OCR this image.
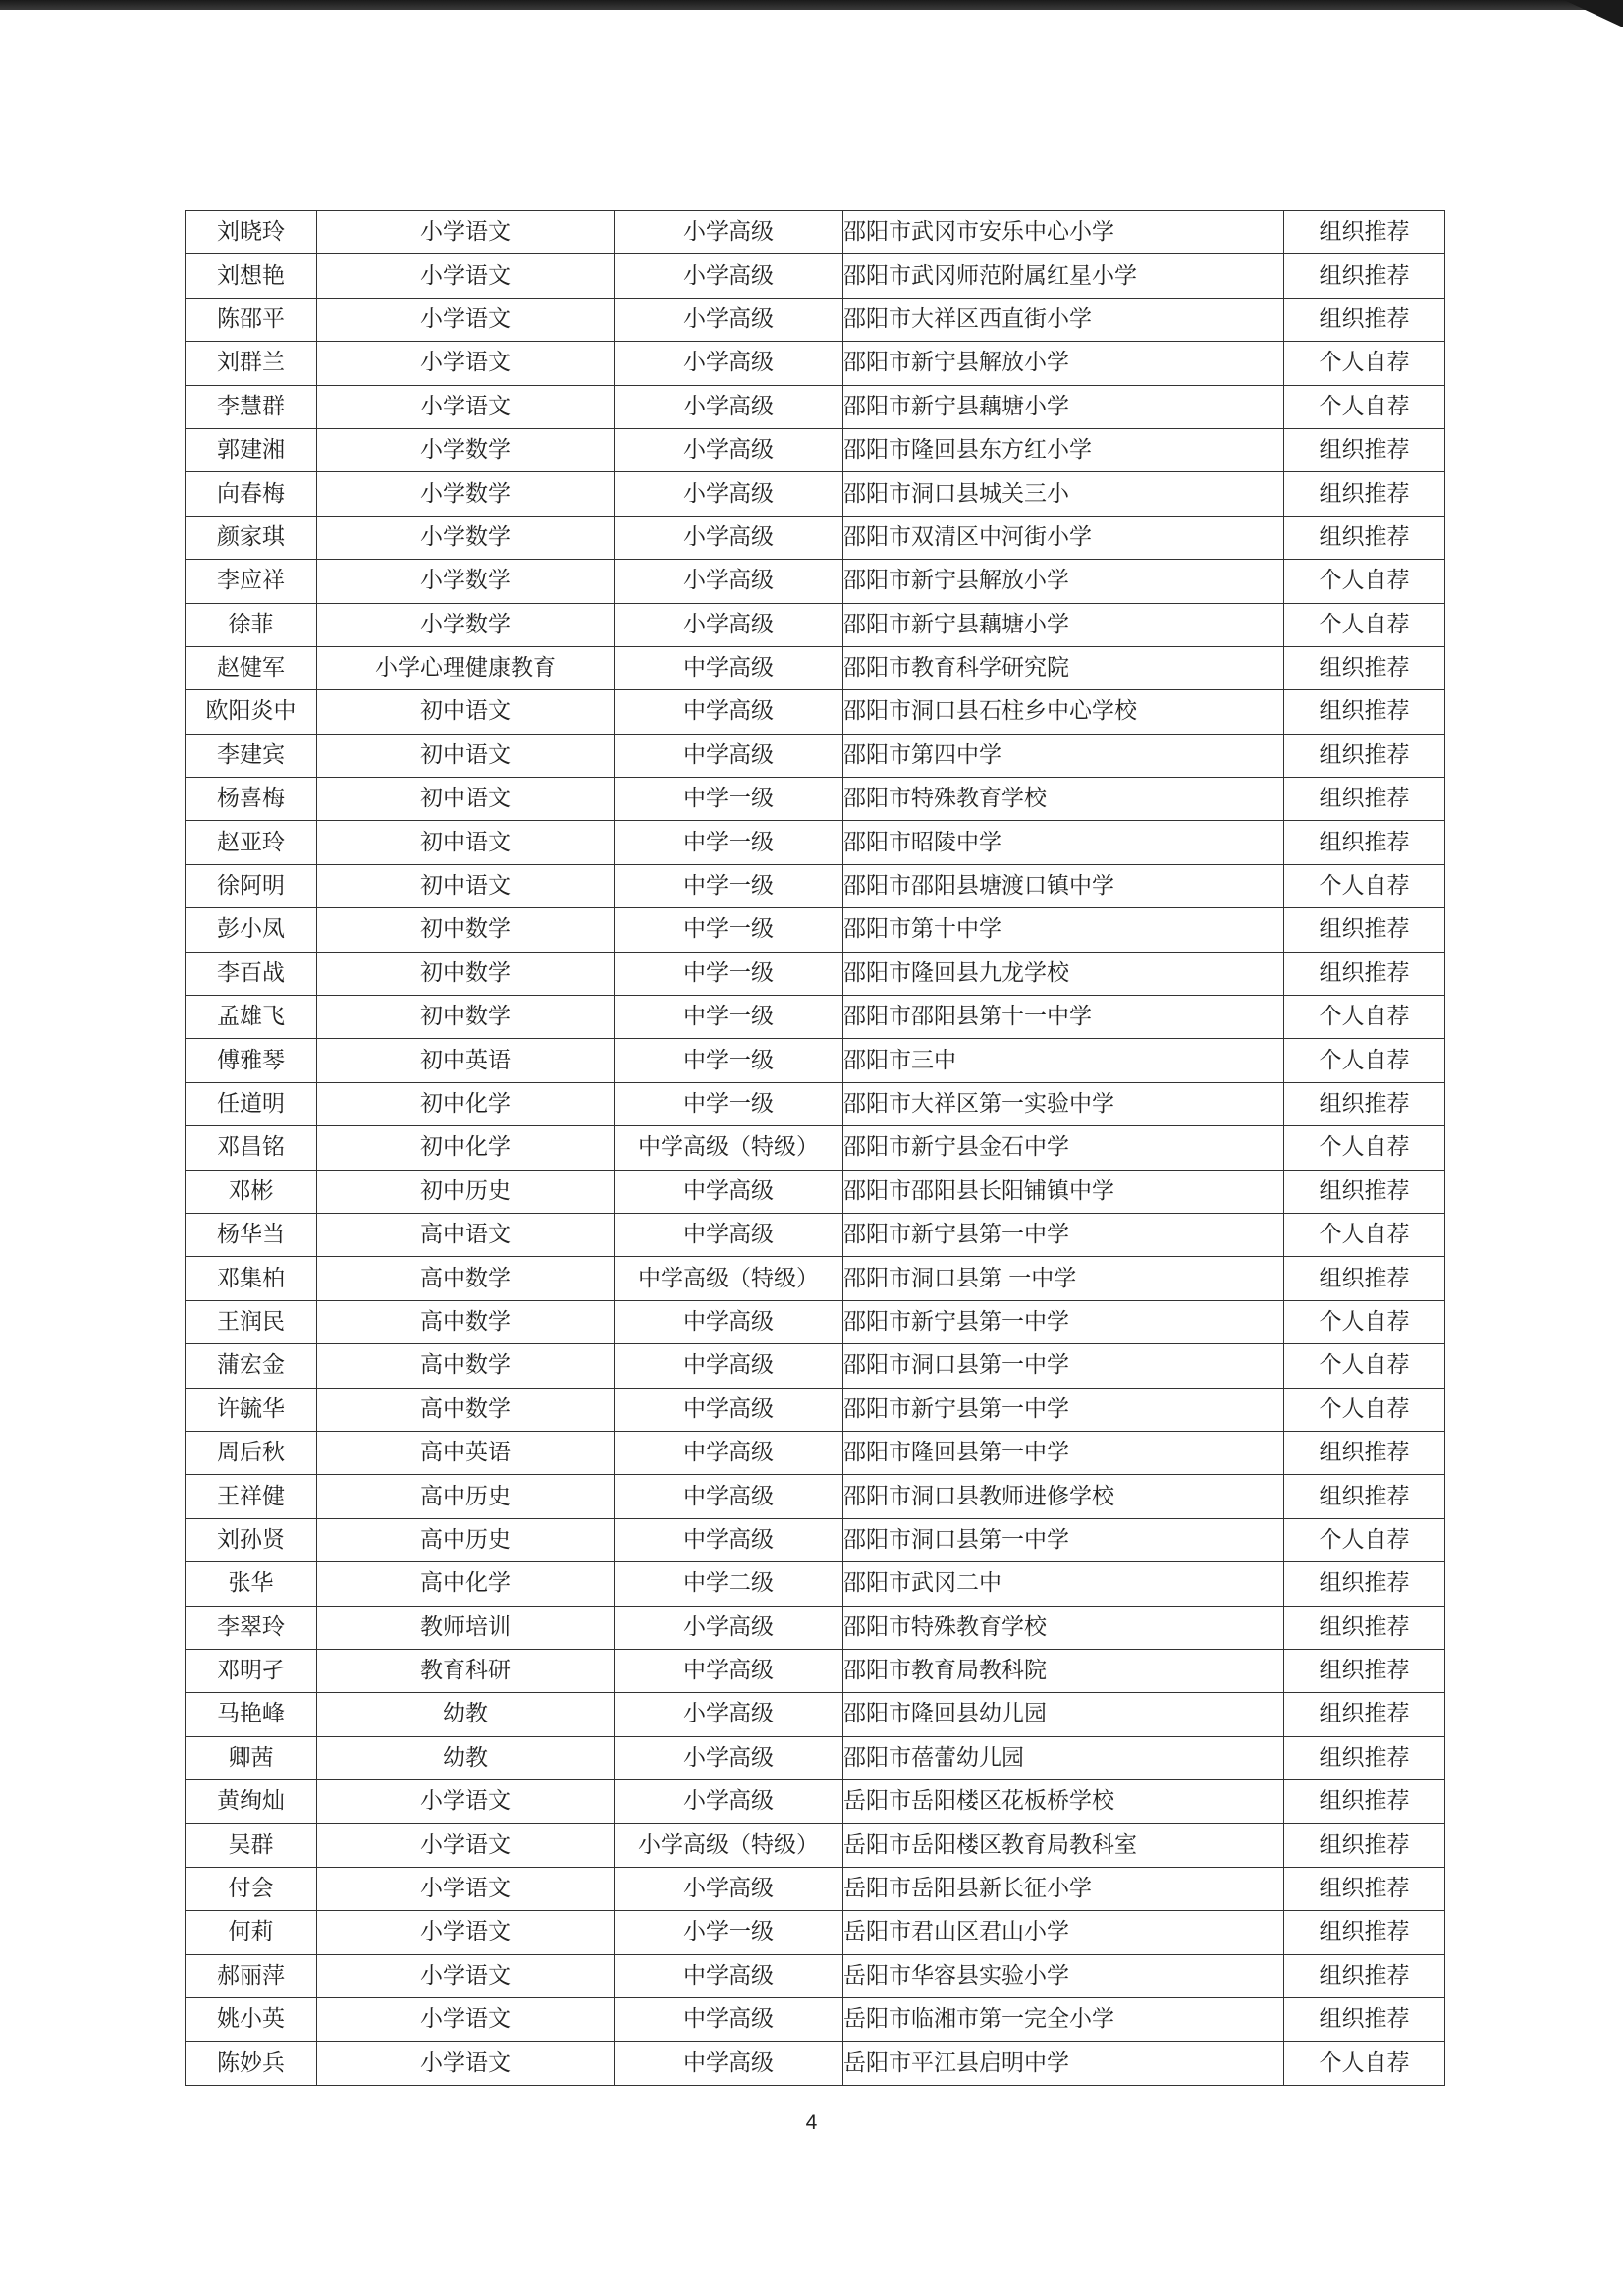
刘晓玲	小学语文	小学高级	邵阳市武冈市安乐中心小学	组织推荐
刘想艳	小学语文	小学高级	邵阳市武冈师范附属红星小学	组织推荐
陈邵平	小学语文	小学高级	邵阳市大祥区西直街小学	组织推荐
刘群兰	小学语文	小学高级	邵阳市新宁县解放小学	个人自荐
李慧群	小学语文	小学高级	邵阳市新宁县藕塘小学	个人自荐
郭建湘	小学数学	小学高级	邵阳市隆回县东方红小学	组织推荐
向春梅	小学数学	小学高级	邵阳市洞口县城关三小	组织推荐
颜家琪	小学数学	小学高级	邵阳市双清区中河街小学	组织推荐
李应祥	小学数学	小学高级	邵阳市新宁县解放小学	个人自荐
徐菲	小学数学	小学高级	邵阳市新宁县藕塘小学	个人自荐
赵健军	小学心理健康教育	中学高级	邵阳市教育科学研究院	组织推荐
欧阳炎中	初中语文	中学高级	邵阳市洞口县石柱乡中心学校	组织推荐
李建宾	初中语文	中学高级	邵阳市第四中学	组织推荐
杨喜梅	初中语文	中学一级	邵阳市特殊教育学校	组织推荐
赵亚玲	初中语文	中学一级	邵阳市昭陵中学	组织推荐
徐阿明	初中语文	中学一级	邵阳市邵阳县塘渡口镇中学	个人自荐
彭小凤	初中数学	中学一级	邵阳市第十中学	组织推荐
李百战	初中数学	中学一级	邵阳市隆回县九龙学校	组织推荐
孟雄飞	初中数学	中学一级	邵阳市邵阳县第十一中学	个人自荐
傅雅琴	初中英语	中学一级	邵阳市三中	个人自荐
任道明	初中化学	中学一级	邵阳市大祥区第一实验中学	组织推荐
邓昌铭	初中化学	中学高级（特级）	邵阳市新宁县金石中学	个人自荐
邓彬	初中历史	中学高级	邵阳市邵阳县长阳铺镇中学	组织推荐
杨华当	高中语文	中学高级	邵阳市新宁县第一中学	个人自荐
邓集柏	高中数学	中学高级（特级）	邵阳市洞口县第 一中学	组织推荐
王润民	高中数学	中学高级	邵阳市新宁县第一中学	个人自荐
蒲宏金	高中数学	中学高级	邵阳市洞口县第一中学	个人自荐
许毓华	高中数学	中学高级	邵阳市新宁县第一中学	个人自荐
周后秋	高中英语	中学高级	邵阳市隆回县第一中学	组织推荐
王祥健	高中历史	中学高级	邵阳市洞口县教师进修学校	组织推荐
刘孙贤	高中历史	中学高级	邵阳市洞口县第一中学	个人自荐
张华	高中化学	中学二级	邵阳市武冈二中	组织推荐
李翠玲	教师培训	小学高级	邵阳市特殊教育学校	组织推荐
邓明孑	教育科研	中学高级	邵阳市教育局教科院	组织推荐
马艳峰	幼教	小学高级	邵阳市隆回县幼儿园	组织推荐
卿茜	幼教	小学高级	邵阳市蓓蕾幼儿园	组织推荐
黄绚灿	小学语文	小学高级	岳阳市岳阳楼区花板桥学校	组织推荐
吴群	小学语文	小学高级（特级）	岳阳市岳阳楼区教育局教科室	组织推荐
付会	小学语文	小学高级	岳阳市岳阳县新长征小学	组织推荐
何莉	小学语文	小学一级	岳阳市君山区君山小学	组织推荐
郝丽萍	小学语文	中学高级	岳阳市华容县实验小学	组织推荐
姚小英	小学语文	中学高级	岳阳市临湘市第一完全小学	组织推荐
陈妙兵	小学语文	中学高级	岳阳市平江县启明中学	个人自荐
4
